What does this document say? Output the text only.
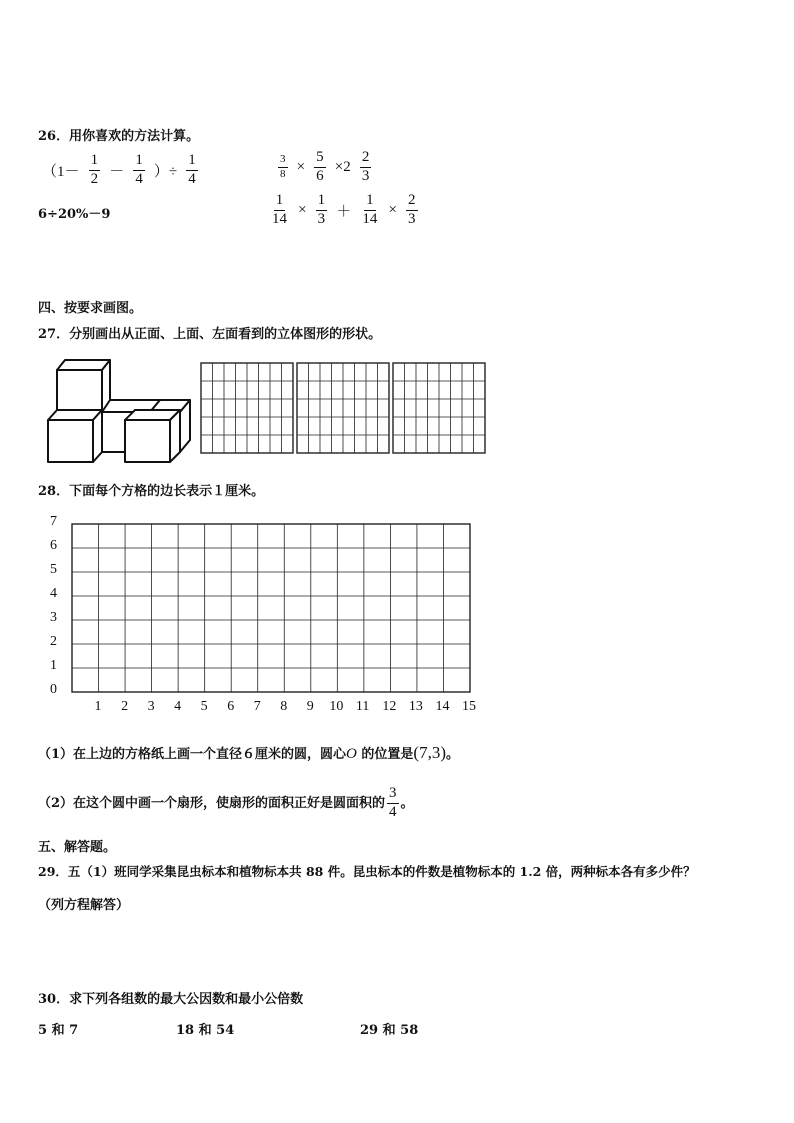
26．用你喜欢的方法计算。
（$1- \frac{1}{2} - \frac{1}{4}$ ）÷ $\frac{1}{4}$	$\frac{3}{8} \times \frac{5}{6} \times 2 \frac{2}{3}$
6÷20%－9	$\frac{1}{14} \times \frac{1}{3} + \frac{1}{14} \times \frac{2}{3}$
四、按要求画图。
27．分别画出从正面、上面、左面看到的立体图形的形状。
28．下面每个方格的边长表示１厘米。
7
6
5
4
3
2
1
0
1 2 3 4 5 6 7 8 9 10 11 12 13 14 15
（1）在上边的方格纸上画一个直径６厘米的圆，圆心O 的位置是(7,3)。
（2）在这个圆中画一个扇形，使扇形的面积正好是圆面积的 $\frac{3}{4}$ 。
五、解答题。
29．五（1）班同学采集昆虫标本和植物标本共 88 件。昆虫标本的件数是植物标本的 1.2 倍，两种标本各有多少件？
（列方程解答）
30．求下列各组数的最大公因数和最小公倍数
5 和 7	18 和 54	29 和 58
